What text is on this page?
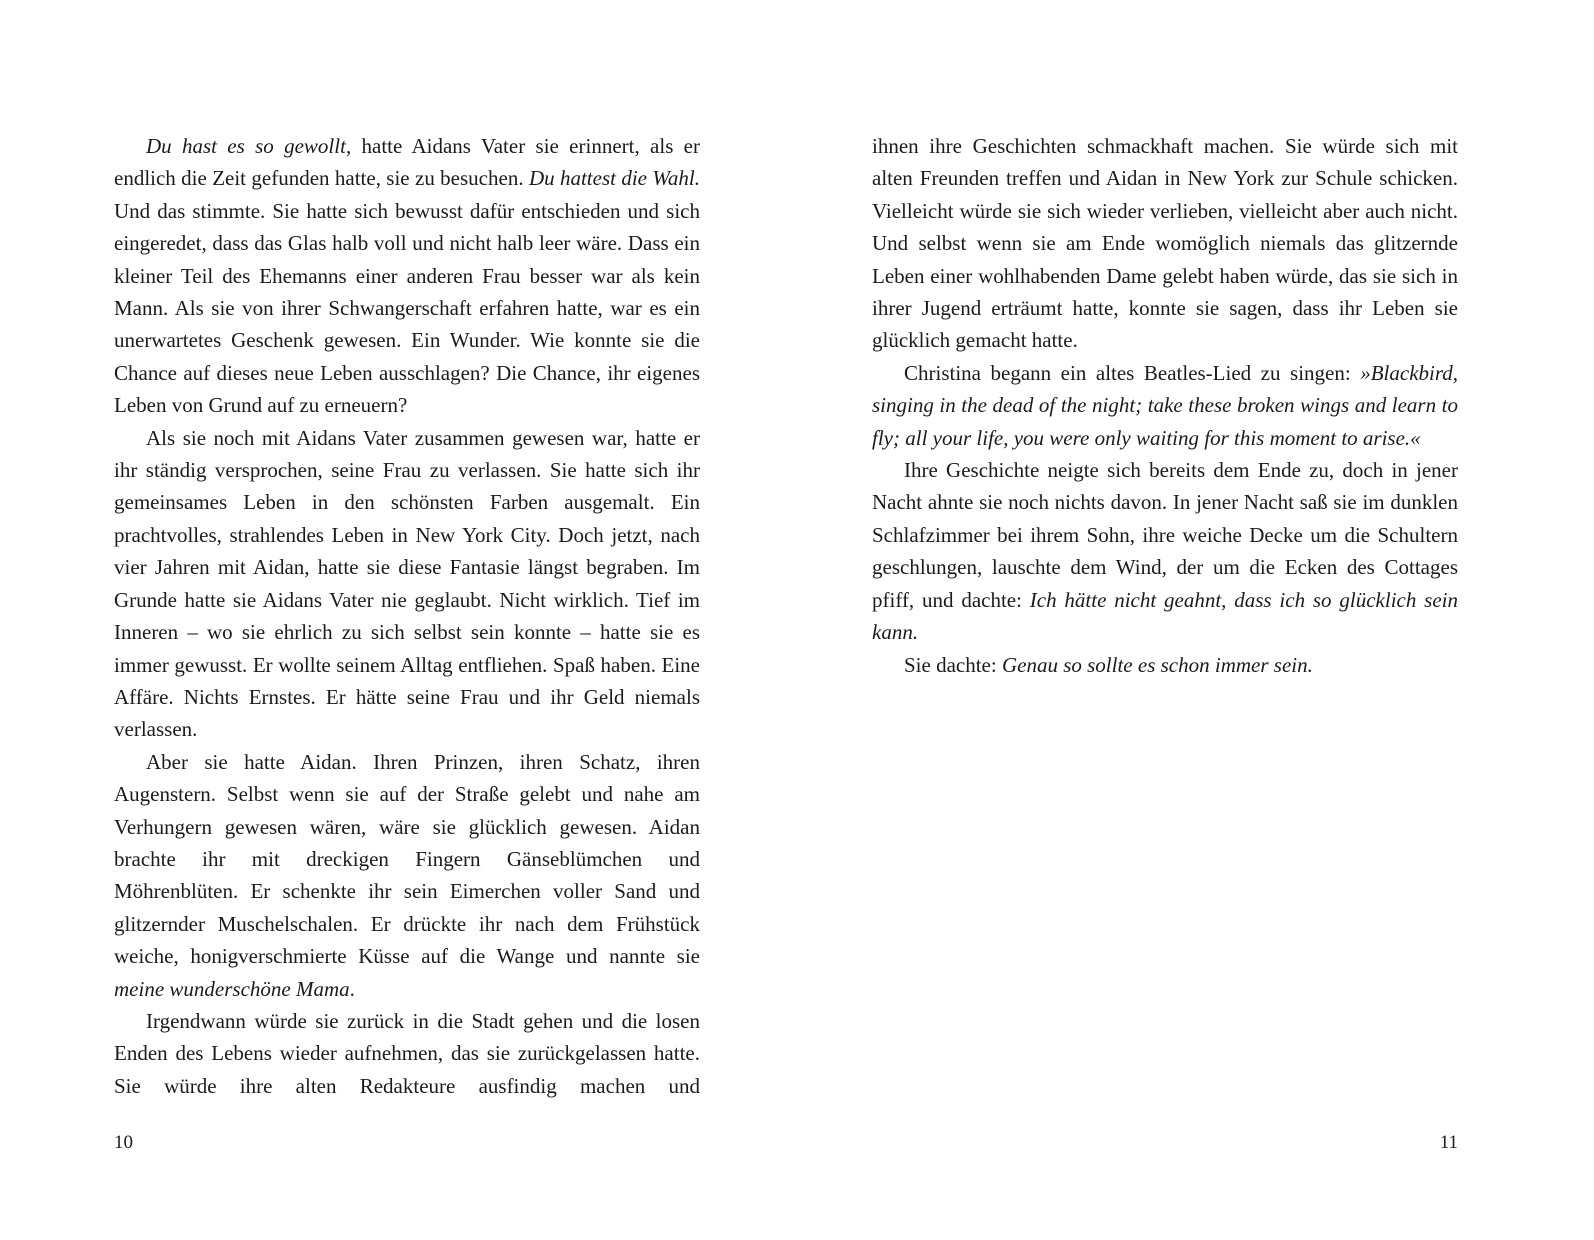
Du hast es so gewollt, hatte Aidans Vater sie erinnert, als er endlich die Zeit gefunden hatte, sie zu besuchen. Du hattest die Wahl. Und das stimmte. Sie hatte sich bewusst dafür entschieden und sich eingeredet, dass das Glas halb voll und nicht halb leer wäre. Dass ein kleiner Teil des Ehemanns einer anderen Frau besser war als kein Mann. Als sie von ihrer Schwangerschaft erfahren hatte, war es ein unerwartetes Geschenk gewesen. Ein Wunder. Wie konnte sie die Chance auf dieses neue Leben ausschlagen? Die Chance, ihr eigenes Leben von Grund auf zu erneuern?

Als sie noch mit Aidans Vater zusammen gewesen war, hatte er ihr ständig versprochen, seine Frau zu verlassen. Sie hatte sich ihr gemeinsames Leben in den schönsten Farben ausgemalt. Ein prachtvolles, strahlendes Leben in New York City. Doch jetzt, nach vier Jahren mit Aidan, hatte sie diese Fantasie längst begraben. Im Grunde hatte sie Aidans Vater nie geglaubt. Nicht wirklich. Tief im Inneren – wo sie ehrlich zu sich selbst sein konnte – hatte sie es immer gewusst. Er wollte seinem Alltag entfliehen. Spaß haben. Eine Affäre. Nichts Ernstes. Er hätte seine Frau und ihr Geld niemals verlassen.

Aber sie hatte Aidan. Ihren Prinzen, ihren Schatz, ihren Augenstern. Selbst wenn sie auf der Straße gelebt und nahe am Verhungern gewesen wären, wäre sie glücklich gewesen. Aidan brachte ihr mit dreckigen Fingern Gänseblümchen und Möhrenblüten. Er schenkte ihr sein Eimerchen voller Sand und glitzernder Muschelschalen. Er drückte ihr nach dem Frühstück weiche, honigverschmierte Küsse auf die Wange und nannte sie meine wunderschöne Mama.

Irgendwann würde sie zurück in die Stadt gehen und die losen Enden des Lebens wieder aufnehmen, das sie zurückgelassen hatte. Sie würde ihre alten Redakteure ausfindig machen und

ihnen ihre Geschichten schmackhaft machen. Sie würde sich mit alten Freunden treffen und Aidan in New York zur Schule schicken. Vielleicht würde sie sich wieder verlieben, vielleicht aber auch nicht. Und selbst wenn sie am Ende womöglich niemals das glitzernde Leben einer wohlhabenden Dame gelebt haben würde, das sie sich in ihrer Jugend erträumt hatte, konnte sie sagen, dass ihr Leben sie glücklich gemacht hatte.

Christina begann ein altes Beatles-Lied zu singen: »Blackbird, singing in the dead of the night; take these broken wings and learn to fly; all your life, you were only waiting for this moment to arise.«

Ihre Geschichte neigte sich bereits dem Ende zu, doch in jener Nacht ahnte sie noch nichts davon. In jener Nacht saß sie im dunklen Schlafzimmer bei ihrem Sohn, ihre weiche Decke um die Schultern geschlungen, lauschte dem Wind, der um die Ecken des Cottages pfiff, und dachte: Ich hätte nicht geahnt, dass ich so glücklich sein kann.

Sie dachte: Genau so sollte es schon immer sein.

10	11
